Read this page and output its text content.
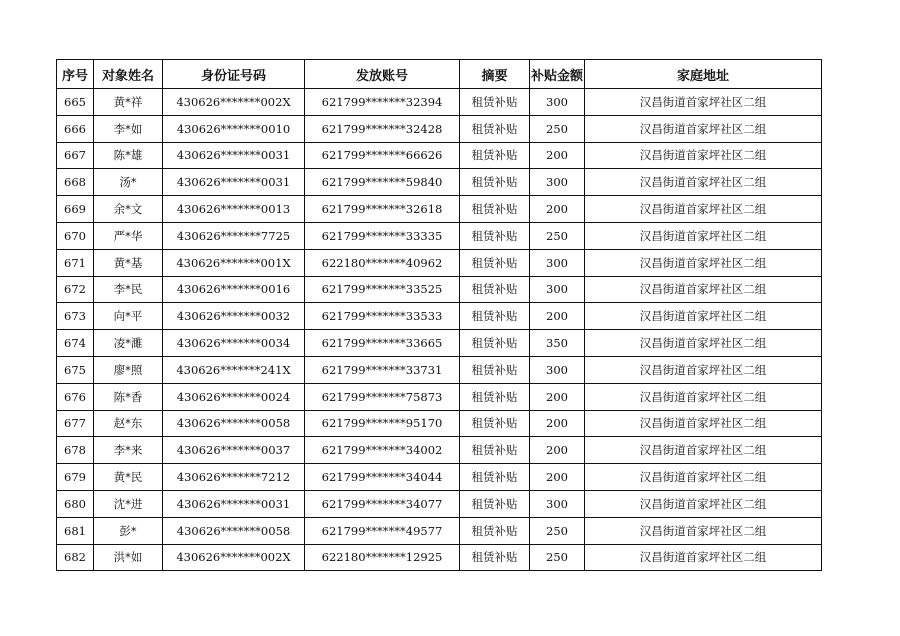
序号	对象姓名	身份证号码	发放账号	摘要	补贴金额	家庭地址
665	黄*祥	430626*******002X	621799*******32394	租赁补贴	300	汉昌街道首家坪社区二组
666	李*如	430626*******0010	621799*******32428	租赁补贴	250	汉昌街道首家坪社区二组
667	陈*雄	430626*******0031	621799*******66626	租赁补贴	200	汉昌街道首家坪社区二组
668	汤*	430626*******0031	621799*******59840	租赁补贴	300	汉昌街道首家坪社区二组
669	余*文	430626*******0013	621799*******32618	租赁补贴	200	汉昌街道首家坪社区二组
670	严*华	430626*******7725	621799*******33335	租赁补贴	250	汉昌街道首家坪社区二组
671	黄*基	430626*******001X	622180*******40962	租赁补贴	300	汉昌街道首家坪社区二组
672	李*民	430626*******0016	621799*******33525	租赁补贴	300	汉昌街道首家坪社区二组
673	向*平	430626*******0032	621799*******33533	租赁补贴	200	汉昌街道首家坪社区二组
674	凌*濉	430626*******0034	621799*******33665	租赁补贴	350	汉昌街道首家坪社区二组
675	廖*照	430626*******241X	621799*******33731	租赁补贴	300	汉昌街道首家坪社区二组
676	陈*香	430626*******0024	621799*******75873	租赁补贴	200	汉昌街道首家坪社区二组
677	赵*东	430626*******0058	621799*******95170	租赁补贴	200	汉昌街道首家坪社区二组
678	李*来	430626*******0037	621799*******34002	租赁补贴	200	汉昌街道首家坪社区二组
679	黄*民	430626*******7212	621799*******34044	租赁补贴	200	汉昌街道首家坪社区二组
680	沈*进	430626*******0031	621799*******34077	租赁补贴	300	汉昌街道首家坪社区二组
681	彭*	430626*******0058	621799*******49577	租赁补贴	250	汉昌街道首家坪社区二组
682	洪*如	430626*******002X	622180*******12925	租赁补贴	250	汉昌街道首家坪社区二组
